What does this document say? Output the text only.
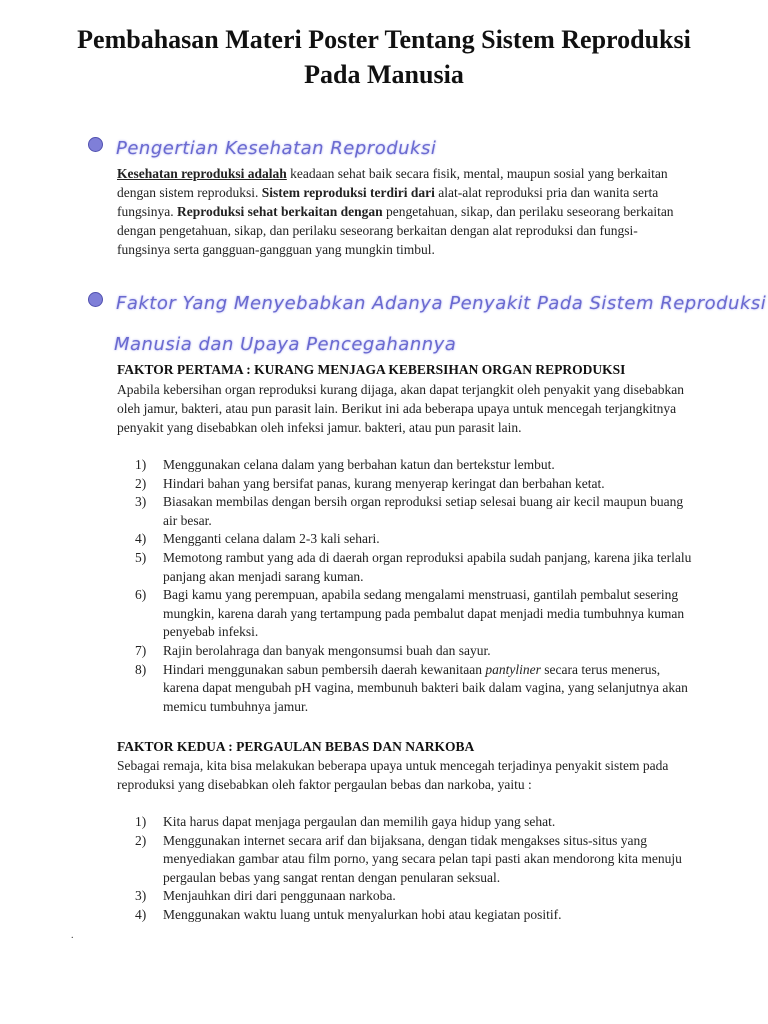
Pembahasan Materi Poster Tentang Sistem Reproduksi Pada Manusia
Pengertian Kesehatan Reproduksi
Kesehatan reproduksi adalah keadaan sehat baik secara fisik, mental, maupun sosial yang berkaitan dengan sistem reproduksi. Sistem reproduksi terdiri dari alat-alat reproduksi pria dan wanita serta fungsinya. Reproduksi sehat berkaitan dengan pengetahuan, sikap, dan perilaku seseorang berkaitan dengan pengetahuan, sikap, dan perilaku seseorang berkaitan dengan alat reproduksi dan fungsi-fungsinya serta gangguan-gangguan yang mungkin timbul.
Faktor Yang Menyebabkan Adanya Penyakit Pada Sistem Reproduksi
Manusia dan Upaya Pencegahannya
FAKTOR PERTAMA : KURANG MENJAGA KEBERSIHAN ORGAN REPRODUKSI
Apabila kebersihan organ reproduksi kurang dijaga, akan dapat terjangkit oleh penyakit yang disebabkan oleh jamur, bakteri, atau pun parasit lain. Berikut ini ada beberapa upaya untuk mencegah terjangkitnya penyakit yang disebabkan oleh infeksi jamur. bakteri, atau pun parasit lain.
1)	Menggunakan celana dalam yang berbahan katun dan bertekstur lembut.
2)	Hindari bahan yang bersifat panas, kurang menyerap keringat dan berbahan ketat.
3)	Biasakan membilas dengan bersih organ reproduksi setiap selesai buang air kecil maupun buang air besar.
4)	Mengganti celana dalam 2-3 kali sehari.
5)	Memotong rambut yang ada di daerah organ reproduksi apabila sudah panjang, karena jika terlalu panjang akan menjadi sarang kuman.
6)	Bagi kamu yang perempuan, apabila sedang mengalami menstruasi, gantilah pembalut sesering mungkin, karena darah yang tertampung pada pembalut dapat menjadi media tumbuhnya kuman penyebab infeksi.
7)	Rajin berolahraga dan banyak mengonsumsi buah dan sayur.
8)	Hindari menggunakan sabun pembersih daerah kewanitaan pantyliner secara terus menerus, karena dapat mengubah pH vagina, membunuh bakteri baik dalam vagina, yang selanjutnya akan memicu tumbuhnya jamur.
FAKTOR KEDUA : PERGAULAN BEBAS DAN NARKOBA
Sebagai remaja, kita bisa melakukan beberapa upaya untuk mencegah terjadinya penyakit sistem pada reproduksi yang disebabkan oleh faktor pergaulan bebas dan narkoba, yaitu :
1)	Kita harus dapat menjaga pergaulan dan memilih gaya hidup yang sehat.
2)	Menggunakan internet secara arif dan bijaksana, dengan tidak mengakses situs-situs yang menyediakan gambar atau film porno, yang secara pelan tapi pasti akan mendorong kita menuju pergaulan bebas yang sangat rentan dengan penularan seksual.
3)	Menjauhkan diri dari penggunaan narkoba.
4)	Menggunakan waktu luang untuk menyalurkan hobi atau kegiatan positif.
.
